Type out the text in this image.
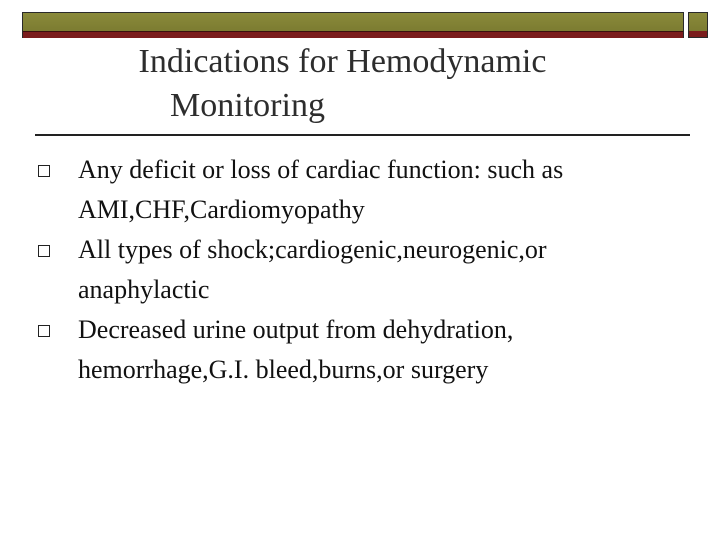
Indications for Hemodynamic
Monitoring
Any deficit or loss of cardiac function: such as
AMI,CHF,Cardiomyopathy
All types of shock;cardiogenic,neurogenic,or
anaphylactic
Decreased urine output from dehydration,
hemorrhage,G.I. bleed,burns,or surgery
